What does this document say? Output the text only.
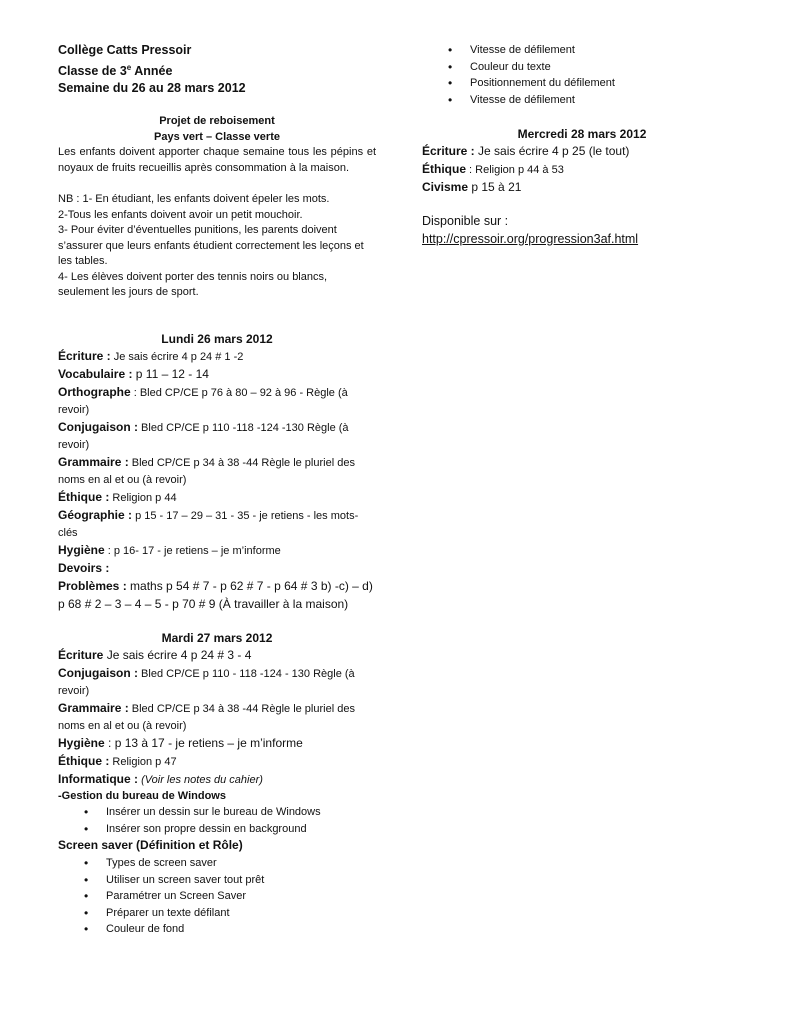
Collège Catts Pressoir

Classe de 3e Année

Semaine du 26 au 28 mars 2012

Projet de reboisement

Pays vert – Classe verte

Les enfants doivent apporter chaque semaine tous les pépins et noyaux de fruits recueillis après consommation à la maison.

NB : 1- En étudiant, les enfants doivent épeler les mots.

2-Tous les enfants doivent avoir un petit mouchoir.

3- Pour éviter d’éventuelles punitions, les parents doivent s’assurer que leurs enfants étudient correctement les leçons et les tables.

4- Les élèves doivent porter des tennis noirs ou blancs, seulement les jours de sport.

Lundi 26 mars 2012

Écriture : Je sais écrire 4 p 24 # 1 -2

Vocabulaire : p 11 – 12 - 14

Orthographe : Bled CP/CE p 76 à 80 – 92 à 96 - Règle (à revoir)

Conjugaison : Bled CP/CE p 110 -118 -124 -130 Règle (à revoir)

Grammaire : Bled CP/CE p 34 à 38 -44 Règle le pluriel des noms en al et ou (à revoir)

Éthique : Religion p 44

Géographie : p 15 - 17 – 29 – 31 - 35 - je retiens - les mots- clés

Hygiène : p 16- 17 - je retiens – je m’informe

Devoirs :

Problèmes : maths p 54 # 7 - p 62 # 7 - p 64 # 3 b) -c) – d) p 68 # 2 – 3 – 4 – 5 - p 70 # 9 (À travailler à la maison)

Mardi 27 mars 2012

Écriture Je sais écrire 4 p 24 # 3 - 4

Conjugaison : Bled CP/CE p 110 - 118 -124 - 130 Règle (à revoir)

Grammaire : Bled CP/CE p 34 à 38 -44 Règle le pluriel des noms en al et ou (à revoir)

Hygiène : p 13 à 17 - je retiens – je m’informe

Éthique : Religion p 47

Informatique : (Voir les notes du cahier)

-Gestion du bureau de Windows

• Insérer un dessin sur le bureau de Windows
• Insérer son propre dessin en background

Screen saver (Définition et Rôle)

• Types de screen saver
• Utiliser un screen saver tout prêt
• Paramétrer un Screen Saver
• Préparer un texte défilant
• Couleur de fond
• Vitesse de défilement
• Couleur du texte
• Positionnement du défilement
• Vitesse de défilement

Mercredi 28 mars 2012

Écriture : Je sais écrire 4 p 25 (le tout)

Éthique : Religion p 44 à 53

Civisme p 15 à 21

Disponible sur :

http://cpressoir.org/progression3af.html
